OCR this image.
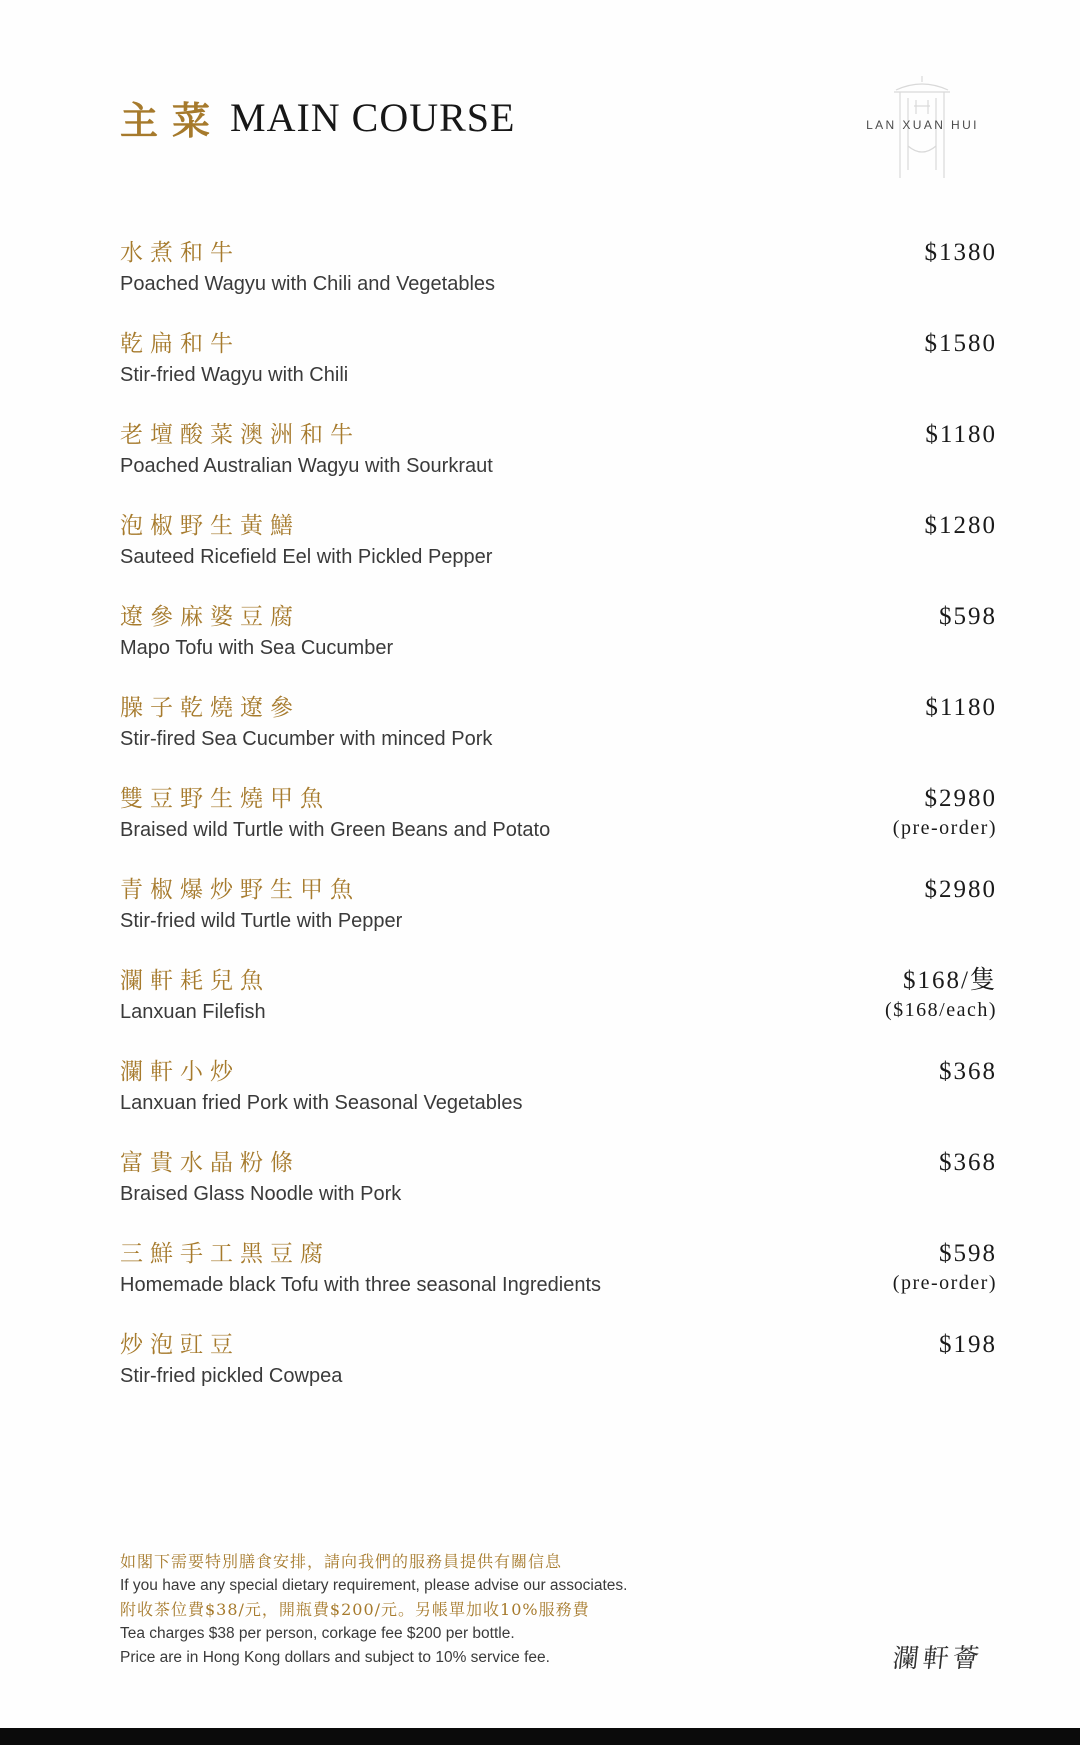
主菜 MAIN COURSE	LAN XUAN HUI
水煮和牛
Poached Wagyu with Chili and Vegetables
$1380
乾扁和牛
Stir-fried Wagyu with Chili
$1580
老壇酸菜澳洲和牛
Poached Australian Wagyu with Sourkraut
$1180
泡椒野生黃鱔
Sauteed Ricefield Eel with Pickled Pepper
$1280
遼參麻婆豆腐
Mapo Tofu with Sea Cucumber
$598
臊子乾燒遼參
Stir-fired Sea Cucumber with minced Pork
$1180
雙豆野生燒甲魚
Braised wild Turtle with Green Beans and Potato
$2980
(pre-order)
青椒爆炒野生甲魚
Stir-fried wild Turtle with Pepper
$2980
瀾軒耗兒魚
Lanxuan Filefish
$168/隻
($168/each)
瀾軒小炒
Lanxuan fried Pork with Seasonal Vegetables
$368
富貴水晶粉條
Braised Glass Noodle with Pork
$368
三鮮手工黑豆腐
Homemade black Tofu with three seasonal Ingredients
$598
(pre-order)
炒泡豇豆
Stir-fried pickled Cowpea
$198
如閣下需要特別膳食安排，請向我們的服務員提供有關信息
If you have any special dietary requirement, please advise our associates.
附收茶位費$38/元，開瓶費$200/元。另帳單加收10%服務費
Tea charges $38 per person, corkage fee $200 per bottle.
Price are in Hong Kong dollars and subject to 10% service fee.	瀾軒薈
